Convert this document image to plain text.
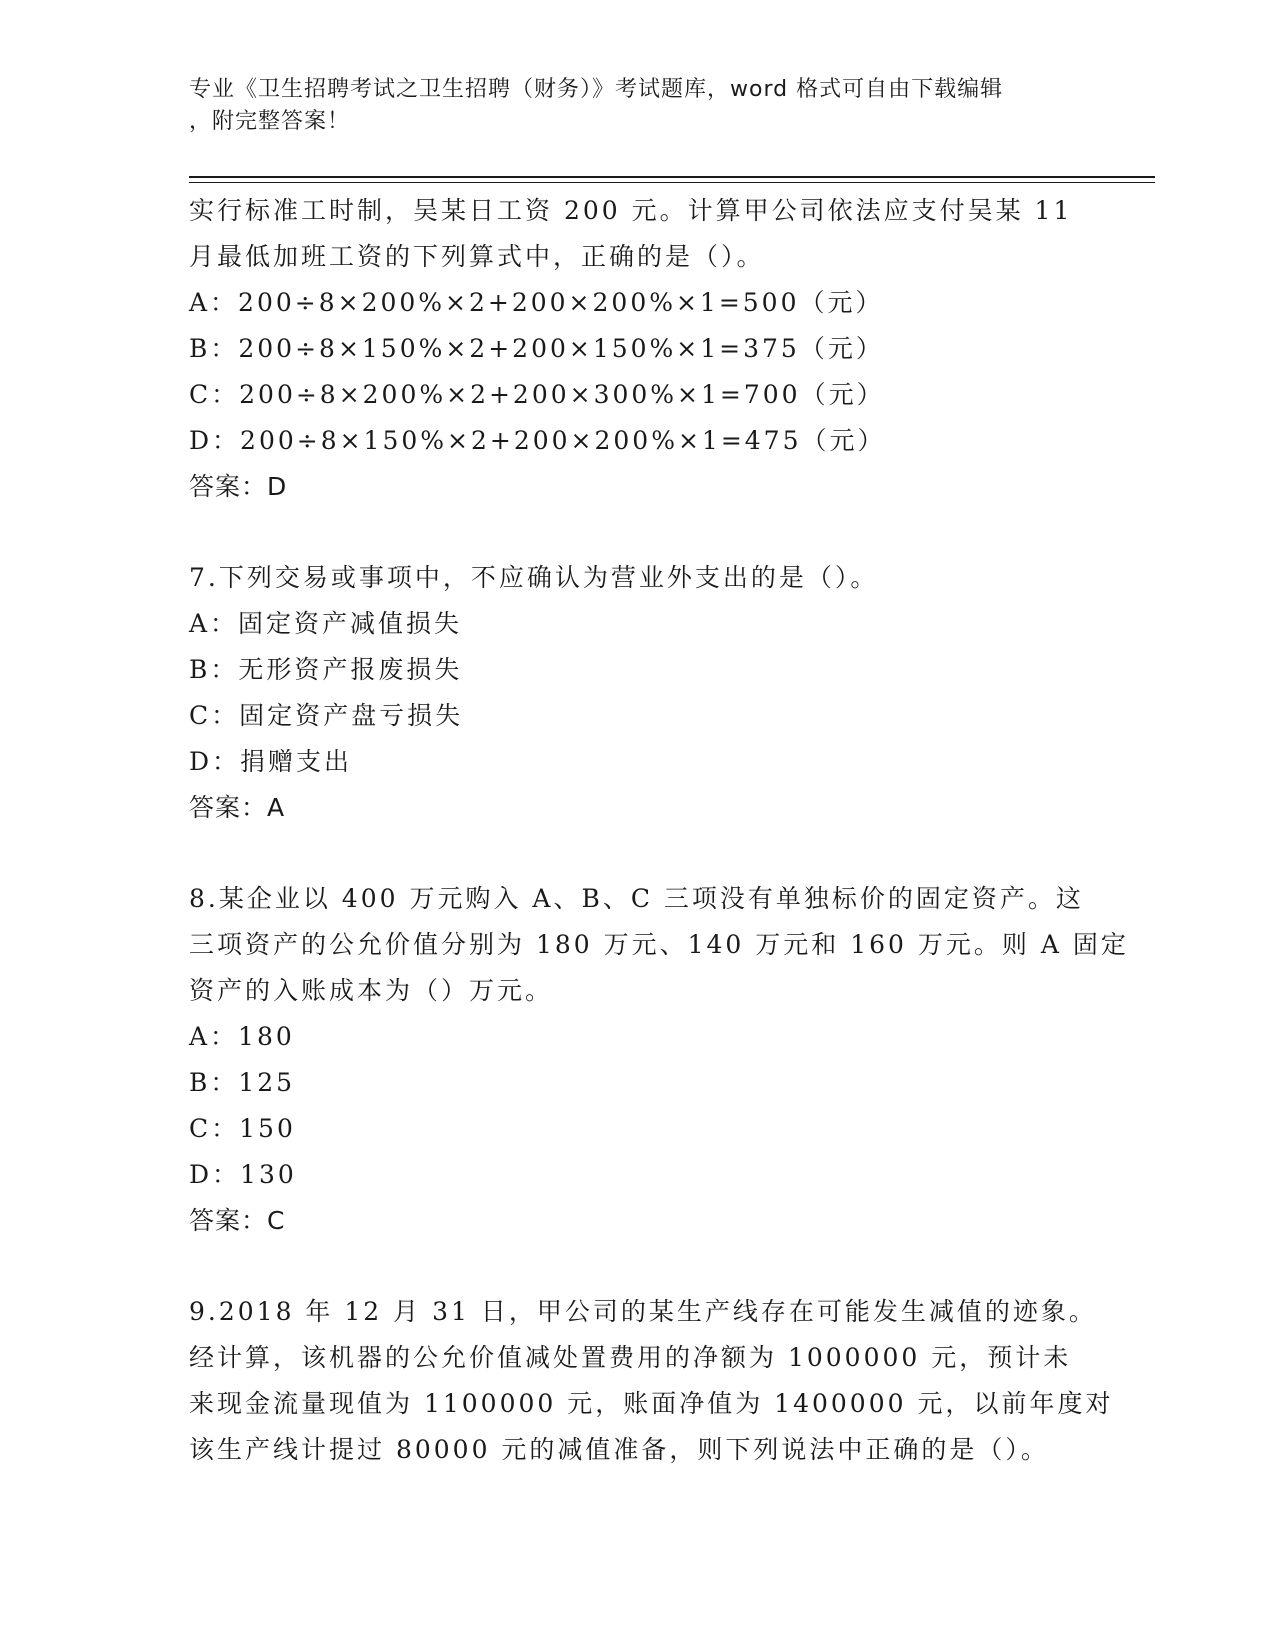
专业《卫生招聘考试之卫生招聘（财务）》考试题库，word 格式可自由下载编辑
，附完整答案！
实行标准工时制，吴某日工资 200 元。计算甲公司依法应支付吴某 11
月最低加班工资的下列算式中，正确的是（）。
A：200÷8×200%×2+200×200%×1=500（元）
B：200÷8×150%×2+200×150%×1=375（元）
C：200÷8×200%×2+200×300%×1=700（元）
D：200÷8×150%×2+200×200%×1=475（元）
答案：D
7.下列交易或事项中，不应确认为营业外支出的是（）。
A：固定资产减值损失
B：无形资产报废损失
C：固定资产盘亏损失
D：捐赠支出
答案：A
8.某企业以 400 万元购入 A、B、C 三项没有单独标价的固定资产。这
三项资产的公允价值分别为 180 万元、140 万元和 160 万元。则 A 固定
资产的入账成本为（）万元。
A：180
B：125
C：150
D：130
答案：C
9.2018 年 12 月 31 日，甲公司的某生产线存在可能发生减值的迹象。
经计算，该机器的公允价值减处置费用的净额为 1000000 元，预计未
来现金流量现值为 1100000 元，账面净值为 1400000 元，以前年度对
该生产线计提过 80000 元的减值准备，则下列说法中正确的是（）。
